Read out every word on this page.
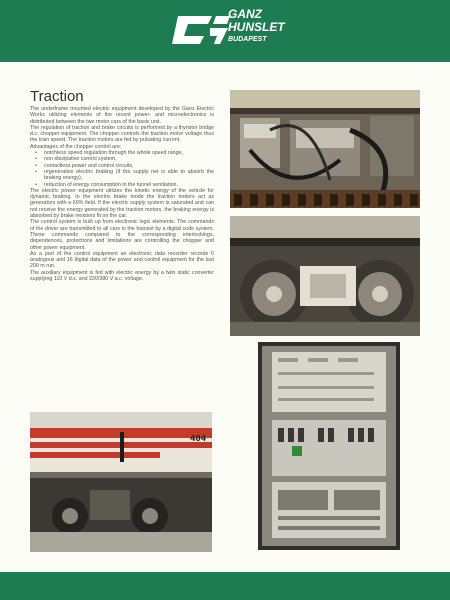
GANZ
HUNSLET
BUDAPEST
Traction

The underframe mounted electric equipment developed by the Ganz Electric Works utilizing elements of the recent power- and microelectronics is distributed between the two motor cars of the basic unit.

The regulation of traction and brake circuits is performed by a thyristor bridge d.c. chopper equipment. The chopper controls the traction motor voltage thus the train speed. The traction motors are fed by pulsating current.

Advantages of the chopper control are:

• notchless speed regulation through the whole speed range,
• non-dissipative control system,
• contactless power and control circuits,
• regenerative electric braking (if the supply net is able to absorb the braking energy),
• reduction of energy consumption in the tunnel ventilation.

The electric power equipment utilizes the kinetic energy of the vehicle for dynamic braking. In the electric brake mode the traction motors act as generators with a 60% field. If the electric supply system is saturated and can not receive the energy generated by the traction motors, the braking energy is absorbed by brake resistors fit on the car.

The control system is built up from electronic logic elements. The commands of the driver are transmitted to all cars in the trainset by a digital code system. These commands compared to the corresponding interlockings, dependences, protections and limitations are controlling the chopper and other power equipment.

As a part of the control equipment an electronic data recorder records 6 analogous and 16 digital data of the power and control equipment for the last 200 m run.

The auxiliary equipment is fed with electric energy by a twin static converter supplying 110 V d.c. and 220/380 V a.c. voltage.

404
